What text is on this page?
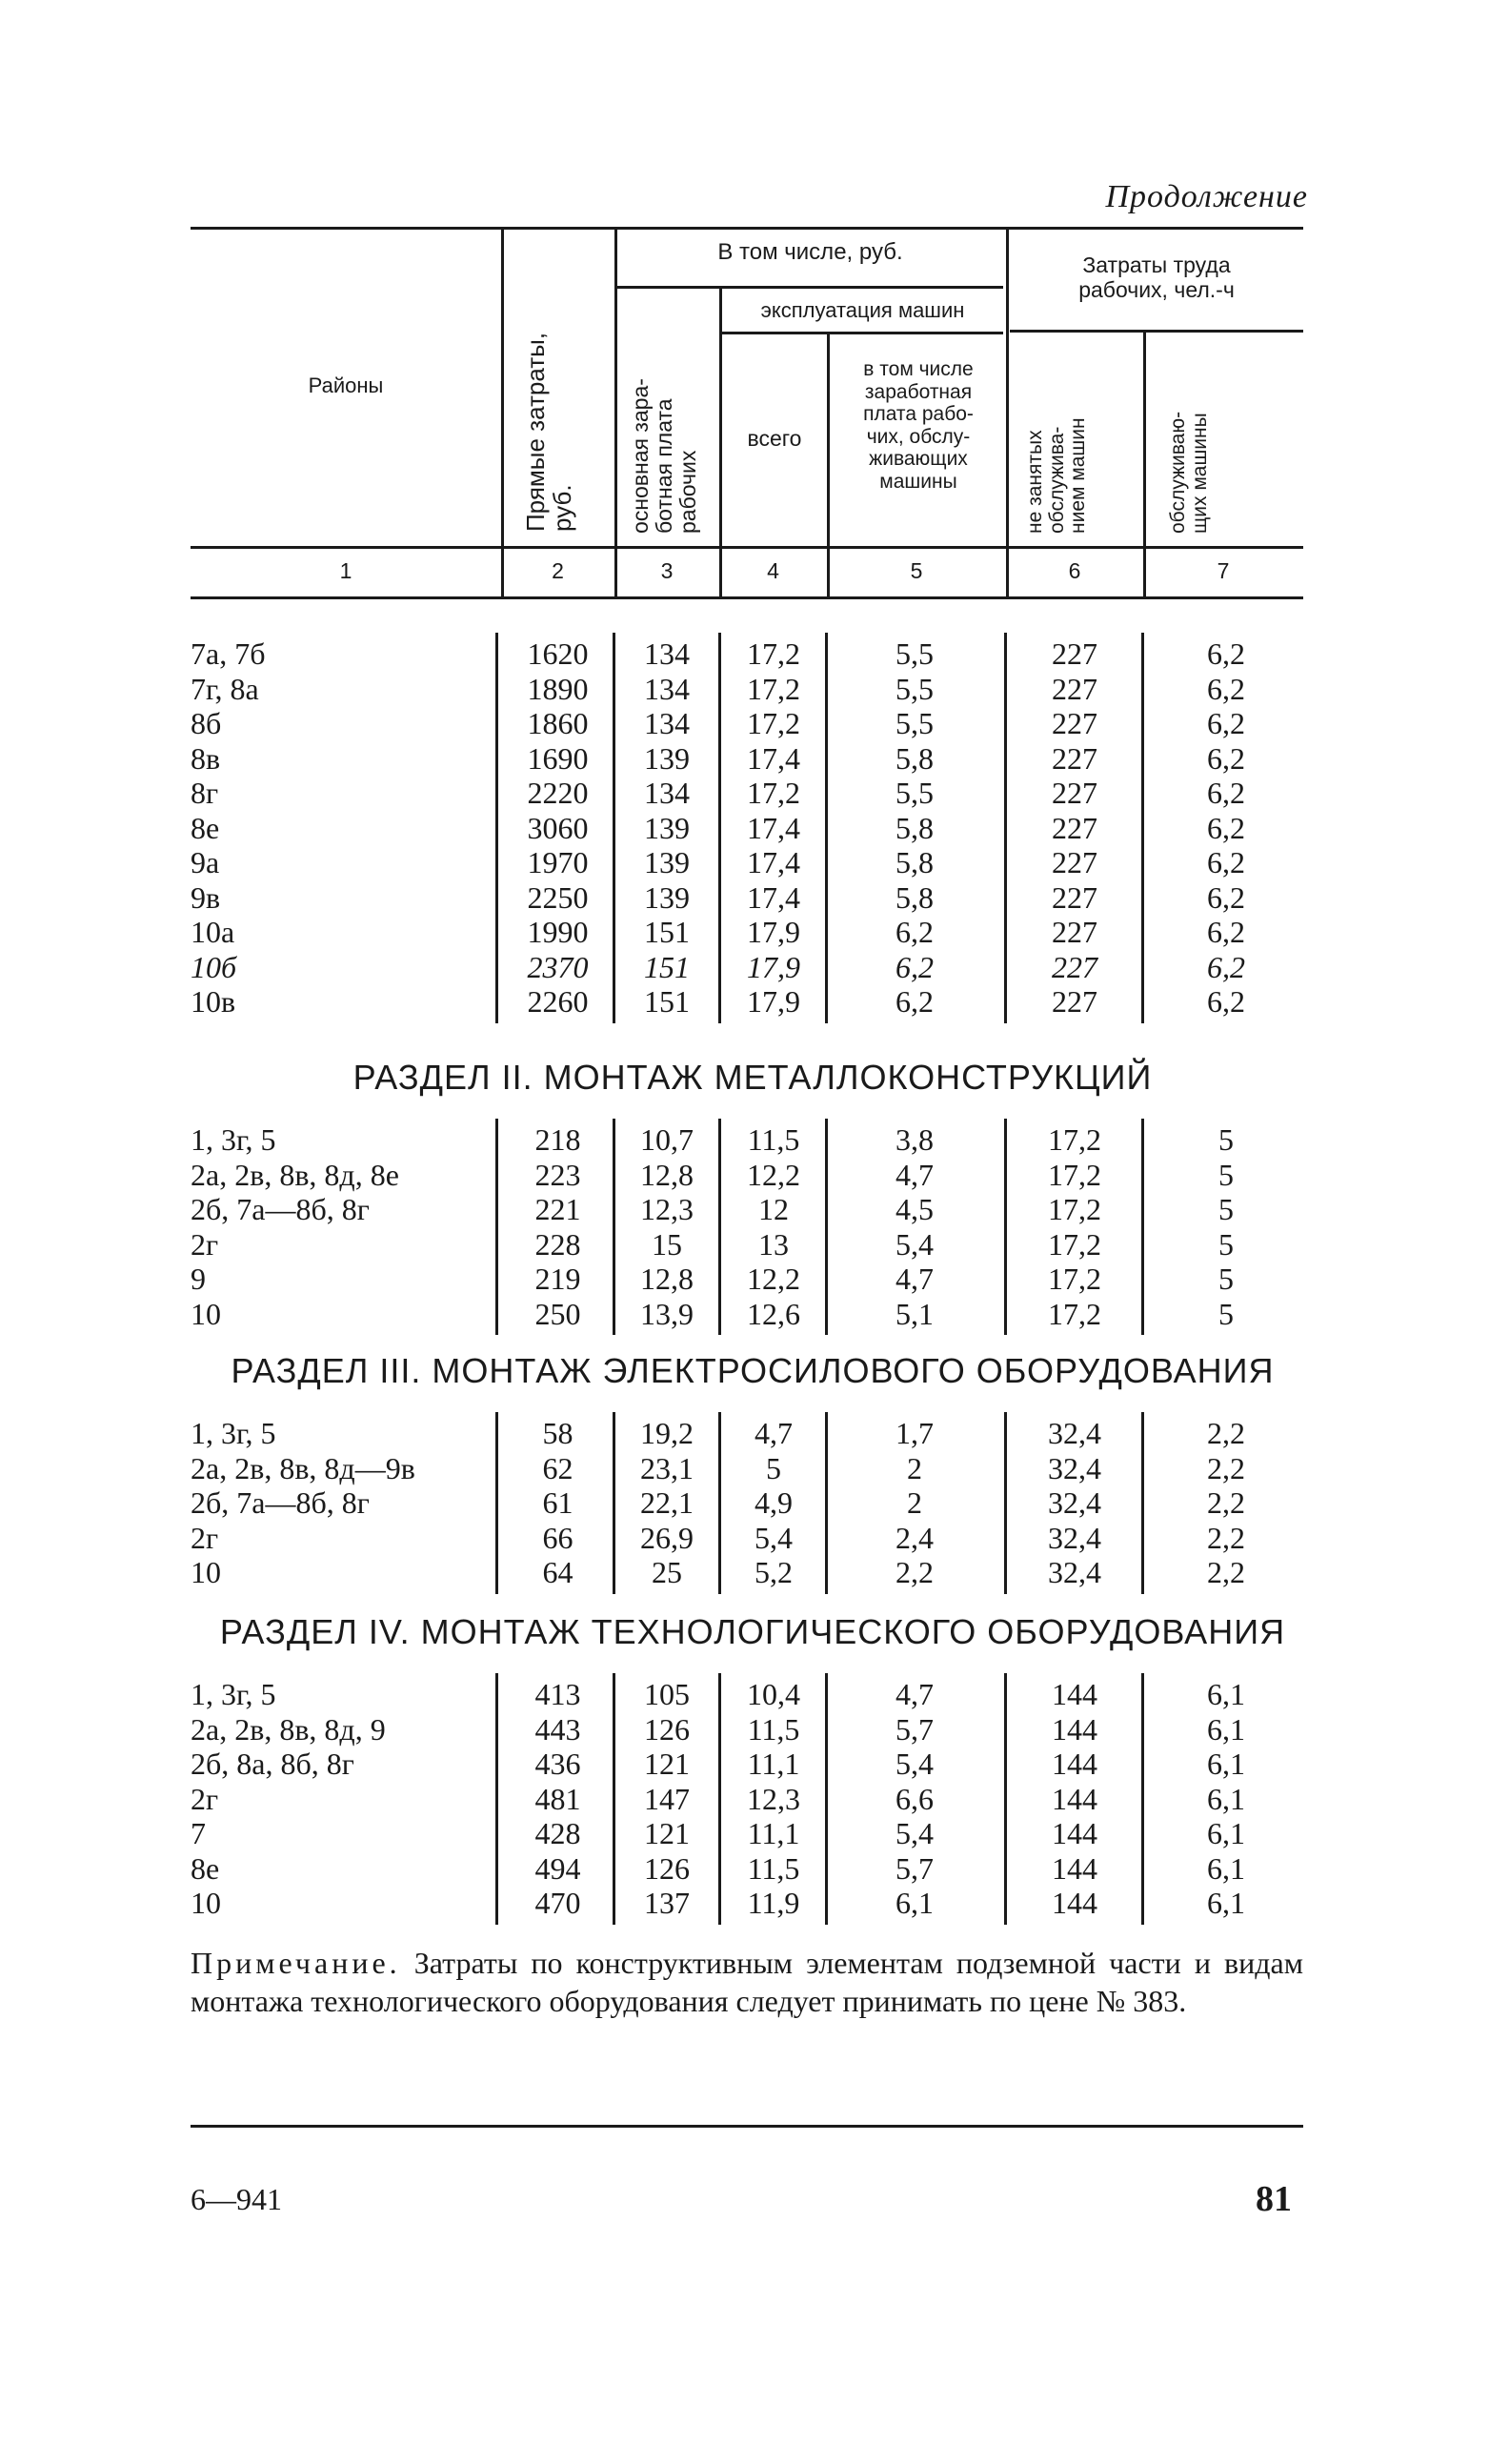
Продолжение
Районы
Прямые затраты,
руб.
В том числе, руб.
основная зара-
ботная плата
рабочих
эксплуатация машин
всего
в том числе
заработная
плата рабо-
чих, обслу-
живающих
машины
Затраты труда
рабочих, чел.-ч
не занятых
обслужива-
нием машин	обслуживаю-
щих машины
1	2	3	4	5	6	7
7а, 7б	1620	134	17,2	5,5	227	6,2
7г, 8а	1890	134	17,2	5,5	227	6,2
8б	1860	134	17,2	5,5	227	6,2
8в	1690	139	17,4	5,8	227	6,2
8г	2220	134	17,2	5,5	227	6,2
8е	3060	139	17,4	5,8	227	6,2
9а	1970	139	17,4	5,8	227	6,2
9в	2250	139	17,4	5,8	227	6,2
10а	1990	151	17,9	6,2	227	6,2
10б	2370	151	17,9	6,2	227	6,2
10в	2260	151	17,9	6,2	227	6,2
РАЗДЕЛ II. МОНТАЖ МЕТАЛЛОКОНСТРУКЦИЙ
1, 3г, 5	218	10,7	11,5	3,8	17,2	5
2а, 2в, 8в, 8д, 8е	223	12,8	12,2	4,7	17,2	5
2б, 7а—8б, 8г	221	12,3	12	4,5	17,2	5
2г	228	15	13	5,4	17,2	5
9	219	12,8	12,2	4,7	17,2	5
10	250	13,9	12,6	5,1	17,2	5
РАЗДЕЛ III. МОНТАЖ ЭЛЕКТРОСИЛОВОГО ОБОРУДОВАНИЯ
1, 3г, 5	58	19,2	4,7	1,7	32,4	2,2
2а, 2в, 8в, 8д—9в	62	23,1	5	2	32,4	2,2
2б, 7а—8б, 8г	61	22,1	4,9	2	32,4	2,2
2г	66	26,9	5,4	2,4	32,4	2,2
10	64	25	5,2	2,2	32,4	2,2
РАЗДЕЛ IV. МОНТАЖ ТЕХНОЛОГИЧЕСКОГО ОБОРУДОВАНИЯ
1, 3г, 5	413	105	10,4	4,7	144	6,1
2а, 2в, 8в, 8д, 9	443	126	11,5	5,7	144	6,1
2б, 8а, 8б, 8г	436	121	11,1	5,4	144	6,1
2г	481	147	12,3	6,6	144	6,1
7	428	121	11,1	5,4	144	6,1
8е	494	126	11,5	5,7	144	6,1
10	470	137	11,9	6,1	144	6,1
Примечание. Затраты по конструктивным элементам подземной части и видам монтажа технологического оборудования следует принимать по цене № 383.
6—941	81
